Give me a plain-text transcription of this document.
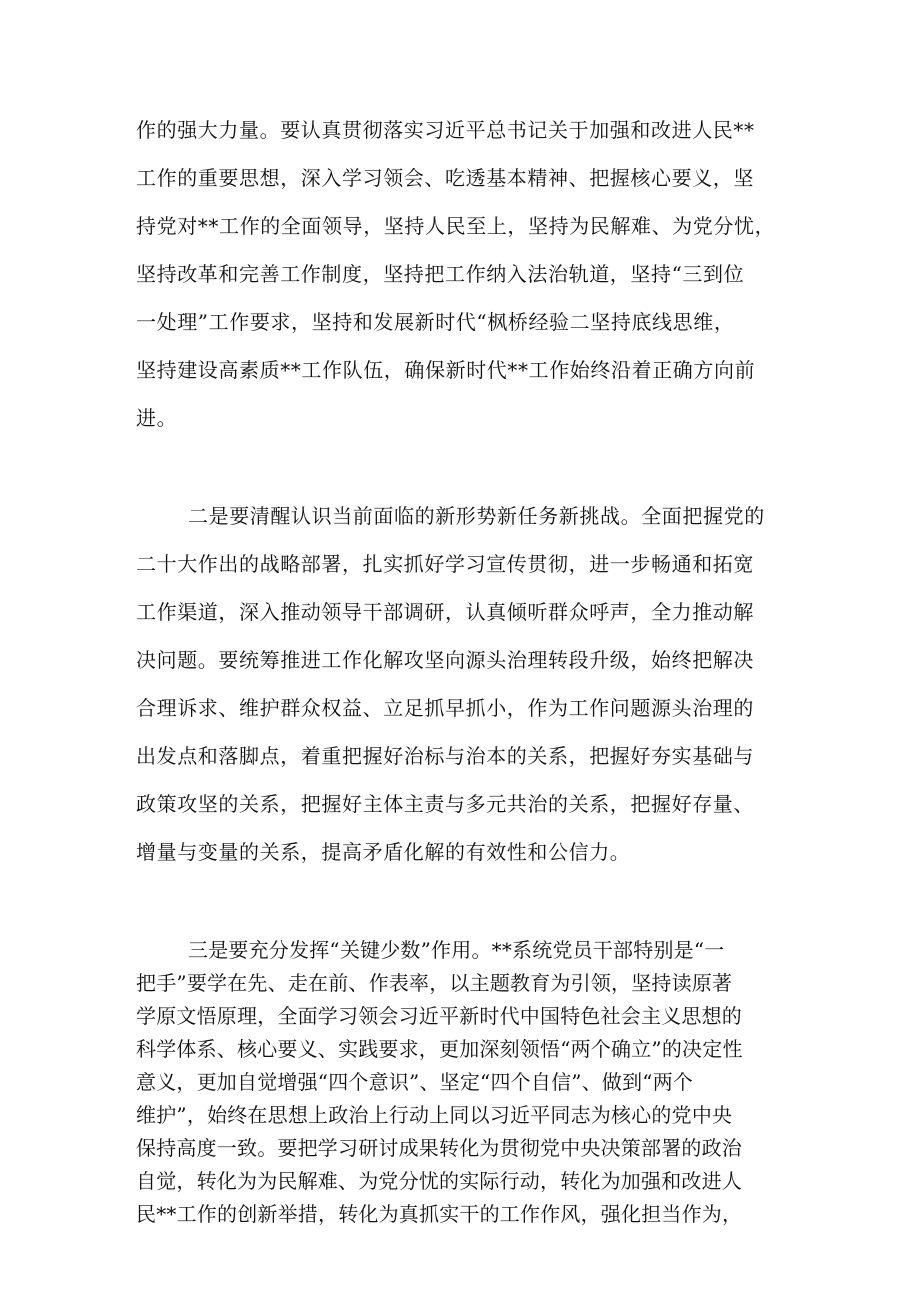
作的强大力量。要认真贯彻落实习近平总书记关于加强和改进人民**
工作的重要思想，深入学习领会、吃透基本精神、把握核心要义，坚
持党对**工作的全面领导，坚持人民至上，坚持为民解难、为党分忧，
坚持改革和完善工作制度，坚持把工作纳入法治轨道，坚持“三到位
一处理”工作要求，坚持和发展新时代“枫桥经验二坚持底线思维，
坚持建设高素质**工作队伍，确保新时代**工作始终沿着正确方向前
进。
二是要清醒认识当前面临的新形势新任务新挑战。全面把握党的
二十大作出的战略部署，扎实抓好学习宣传贯彻，进一步畅通和拓宽
工作渠道，深入推动领导干部调研，认真倾听群众呼声，全力推动解
决问题。要统筹推进工作化解攻坚向源头治理转段升级，始终把解决
合理诉求、维护群众权益、立足抓早抓小，作为工作问题源头治理的
出发点和落脚点，着重把握好治标与治本的关系，把握好夯实基础与
政策攻坚的关系，把握好主体主责与多元共治的关系，把握好存量、
增量与变量的关系，提高矛盾化解的有效性和公信力。
三是要充分发挥“关键少数”作用。**系统党员干部特别是“一
把手”要学在先、走在前、作表率，以主题教育为引领，坚持读原著
学原文悟原理，全面学习领会习近平新时代中国特色社会主义思想的
科学体系、核心要义、实践要求，更加深刻领悟“两个确立”的决定性
意义，更加自觉增强“四个意识”、坚定“四个自信”、做到“两个
维护”，始终在思想上政治上行动上同以习近平同志为核心的党中央
保持高度一致。要把学习研讨成果转化为贯彻党中央决策部署的政治
自觉，转化为为民解难、为党分忧的实际行动，转化为加强和改进人
民**工作的创新举措，转化为真抓实干的工作作风，强化担当作为，
